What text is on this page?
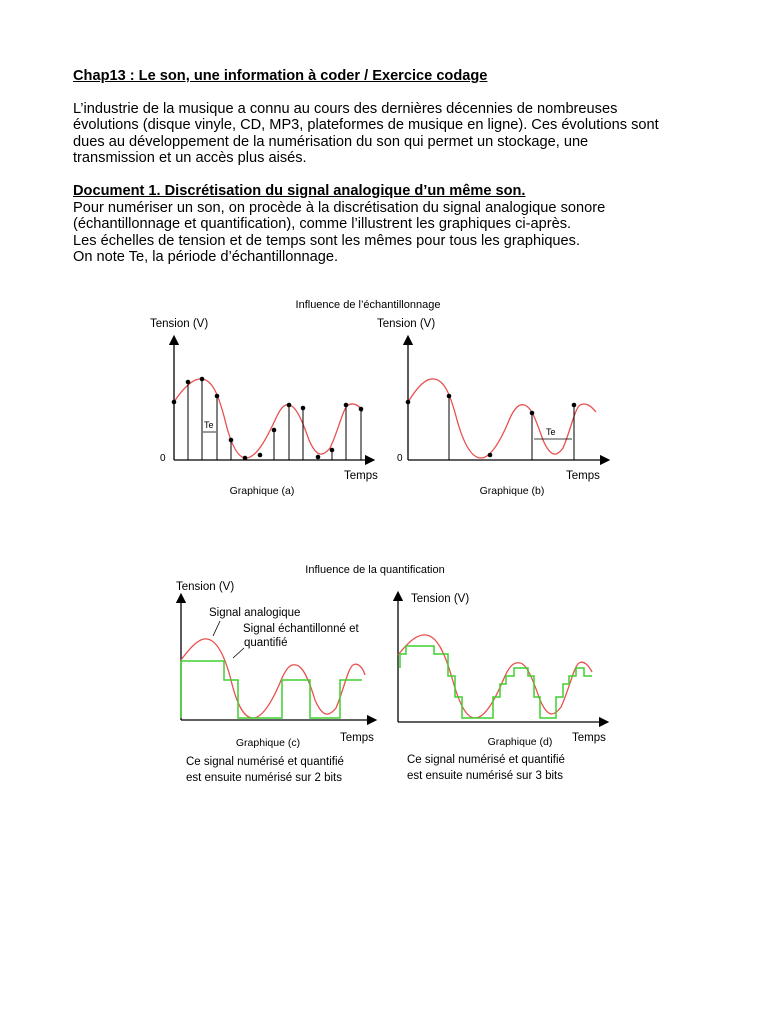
Chap13 : Le son, une information à coder / Exercice codage

L’industrie de la musique a connu au cours des dernières décennies de nombreuses

évolutions (disque vinyle, CD, MP3, plateformes de musique en ligne). Ces évolutions sont

dues au développement de la numérisation du son qui permet un stockage, une

transmission et un accès plus aisés.

Document 1. Discrétisation du signal analogique d’un même son.

Pour numériser un son, on procède à la discrétisation du signal analogique sonore

(échantillonnage et quantification), comme l’illustrent les graphiques ci-après.

Les échelles de tension et de temps sont les mêmes pour tous les graphiques.

On note Te, la période d’échantillonnage.

Influence de l’échantillonnage
Tension (V)
0
Temps
Te
Graphique (a)
Tension (V)
0
Temps
Te
Graphique (b)
Influence de la quantification
Tension (V)
Temps
Signal analogique
Signal échantillonné et
quantifié
Graphique (c)
Ce signal numérisé et quantifié
est ensuite numérisé sur 2 bits
Tension (V)
Temps
Graphique (d)
Ce signal numérisé et quantifié
est ensuite numérisé sur 3 bits
